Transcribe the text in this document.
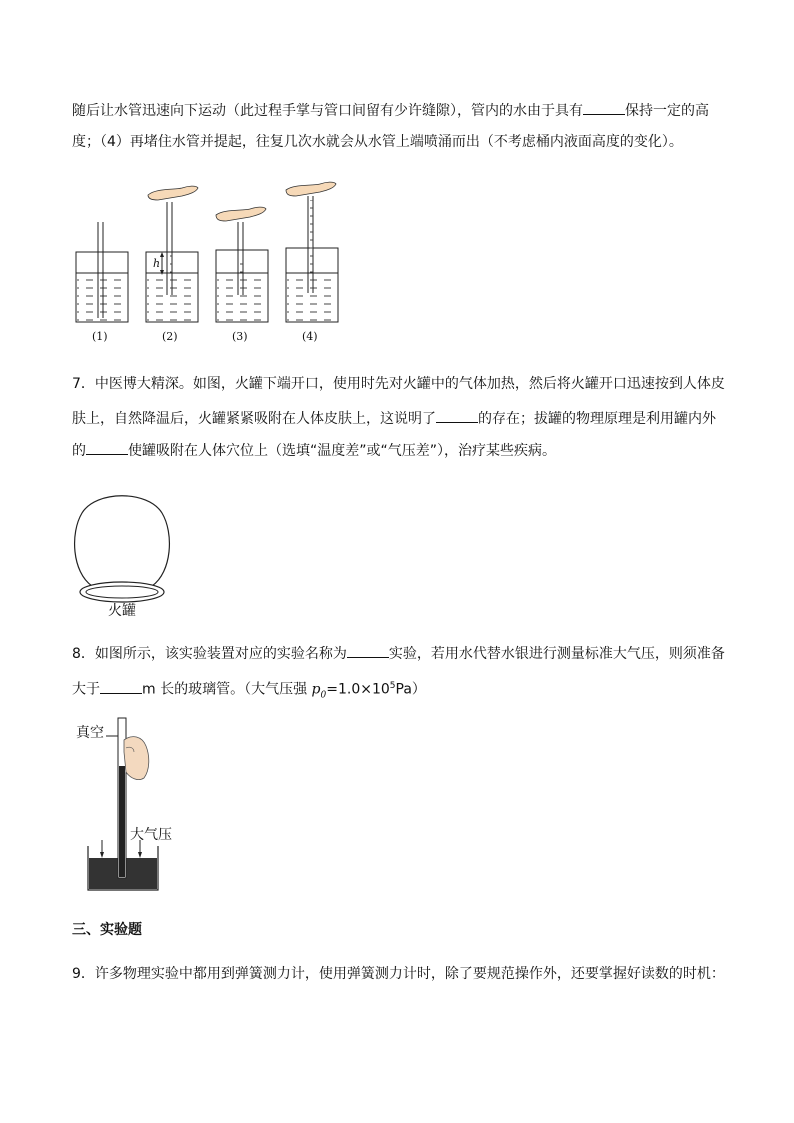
随后让水管迅速向下运动（此过程手掌与管口间留有少许缝隙），管内的水由于具有	保持一定的高
度；（4）再堵住水管并提起，往复几次水就会从水管上端喷涌而出（不考虑桶内液面高度的变化）。
h
(1)	(2)	(3)	(4)
7．中医博大精深。如图，火罐下端开口，使用时先对火罐中的气体加热，然后将火罐开口迅速按到人体皮
肤上，自然降温后，火罐紧紧吸附在人体皮肤上，这说明了	的存在；拔罐的物理原理是利用罐内外
的	使罐吸附在人体穴位上（选填“温度差”或“气压差”），治疗某些疾病。
火罐
8．如图所示，该实验装置对应的实验名称为	实验，若用水代替水银进行测量标准大气压，则须准备
大于	m 长的玻璃管。（大气压强 $p_0=1.0\times 10^5Pa$）
真空
大气压
三、实验题
9．许多物理实验中都用到弹簧测力计，使用弹簧测力计时，除了要规范操作外，还要掌握好读数的时机：
